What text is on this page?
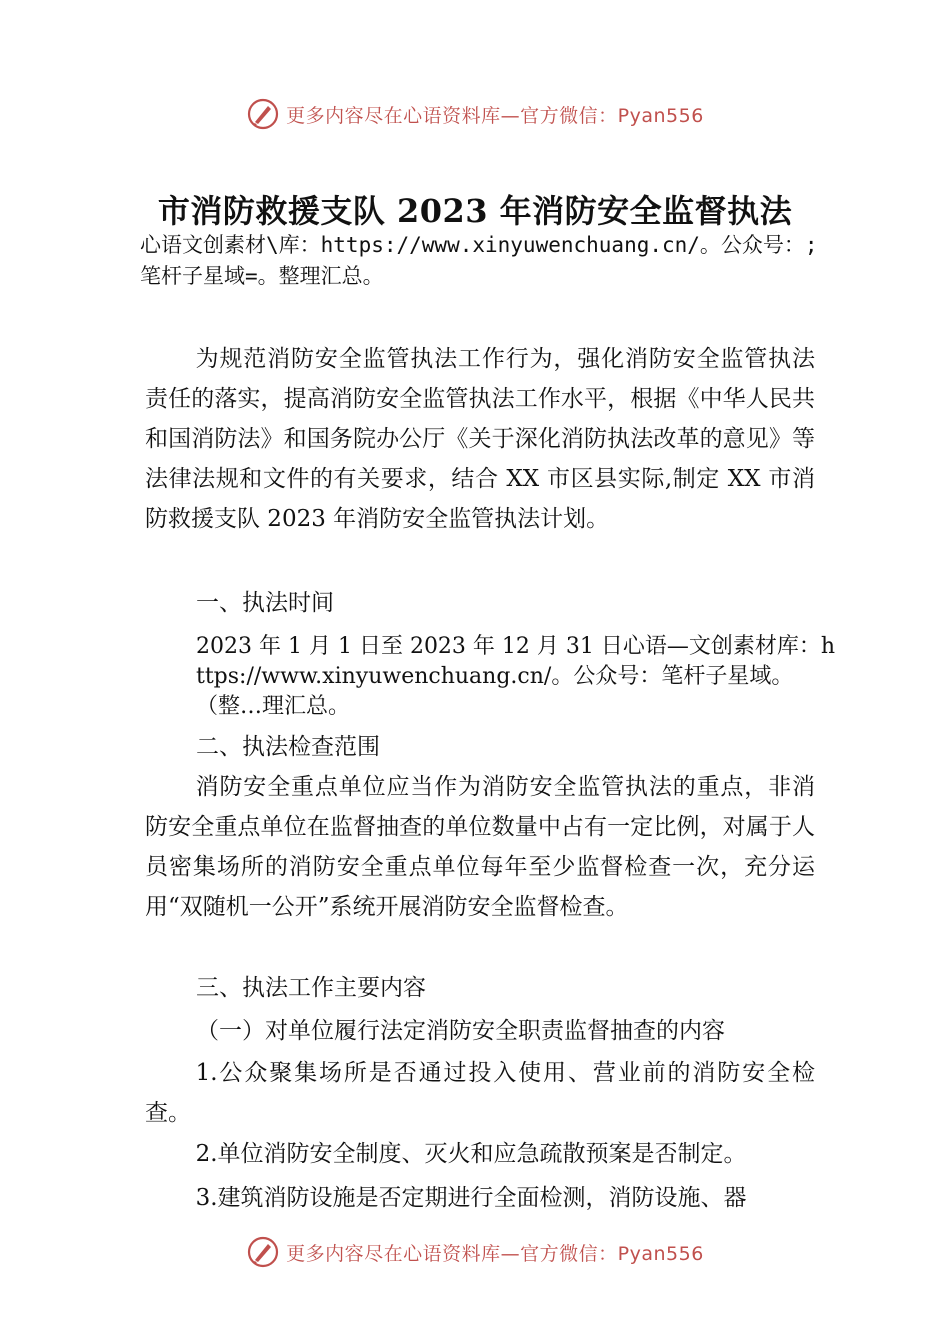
更多内容尽在心语资料库—官方微信：Pyan556
市消防救援支队 2023 年消防安全监督执法

心语文创素材\库：https://www.xinyuwenchuang.cn/。公众号：;笔杆子星域=。整理汇总。

为规范消防安全监管执法工作行为，强化消防安全监管执法责任的落实，提高消防安全监管执法工作水平，根据《中华人民共和国消防法》和国务院办公厅《关于深化消防执法改革的意见》等法律法规和文件的有关要求，结合 XX 市区县实际,制定 XX 市消防救援支队 2023 年消防安全监管执法计划。

一、执法时间

2023 年 1 月 1 日至 2023 年 12 月 31 日心语—文创素材库：https://www.xinyuwenchuang.cn/。公众号：笔杆子星域。（整…理汇总。

二、执法检查范围

消防安全重点单位应当作为消防安全监管执法的重点，非消防安全重点单位在监督抽查的单位数量中占有一定比例，对属于人员密集场所的消防安全重点单位每年至少监督检查一次，充分运用“双随机一公开”系统开展消防安全监督检查。

三、执法工作主要内容

（一）对单位履行法定消防安全职责监督抽查的内容

1.公众聚集场所是否通过投入使用、营业前的消防安全检查。

2.单位消防安全制度、灭火和应急疏散预案是否制定。

3.建筑消防设施是否定期进行全面检测，消防设施、器

更多内容尽在心语资料库—官方微信：Pyan556
